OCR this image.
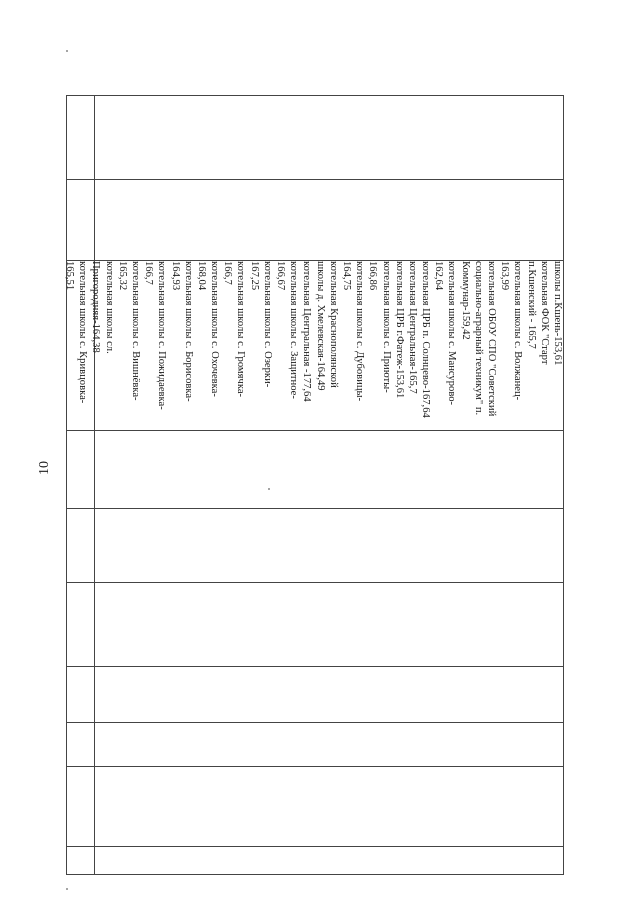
10
школы п.Кшень-153,61
котельная ФОК "Старт
п.Кшенский - 165,7
котельная школы с. Волжанец-
163,99
котельная ОБОУ СПО "Советский
социально-аграрный техникум" п.
Коммунар-159,42
котельная школы с. Мансурово-
162,64
котельная ЦРБ п. Солнцево-167,64
котельная Центральная-165,7
котельная ЦРБ г.Фатеж-153,61
котельная школы с. Приюты-
166,86
котельная школы с. Дубовицы-
164,75
котельная Краснополянской
школы д. Хмелевская-164,49
котельная Центральная -177,64
котельная школы с. Защитное-
166,67
котельная школы с. Озерки-
167,25
котельная школы с. Громячка-
166,7
котельная школы с. Охочевка-
168,04
котельная школы с. Борисовка-
164,93
котельная школы с. Пожидаевка-
166,7
котельная школы с. Вишнёвка-
165,32
котельная школы сл.
Пригородняя-164,38
котельная школы с. Кривцовка-
165,51
